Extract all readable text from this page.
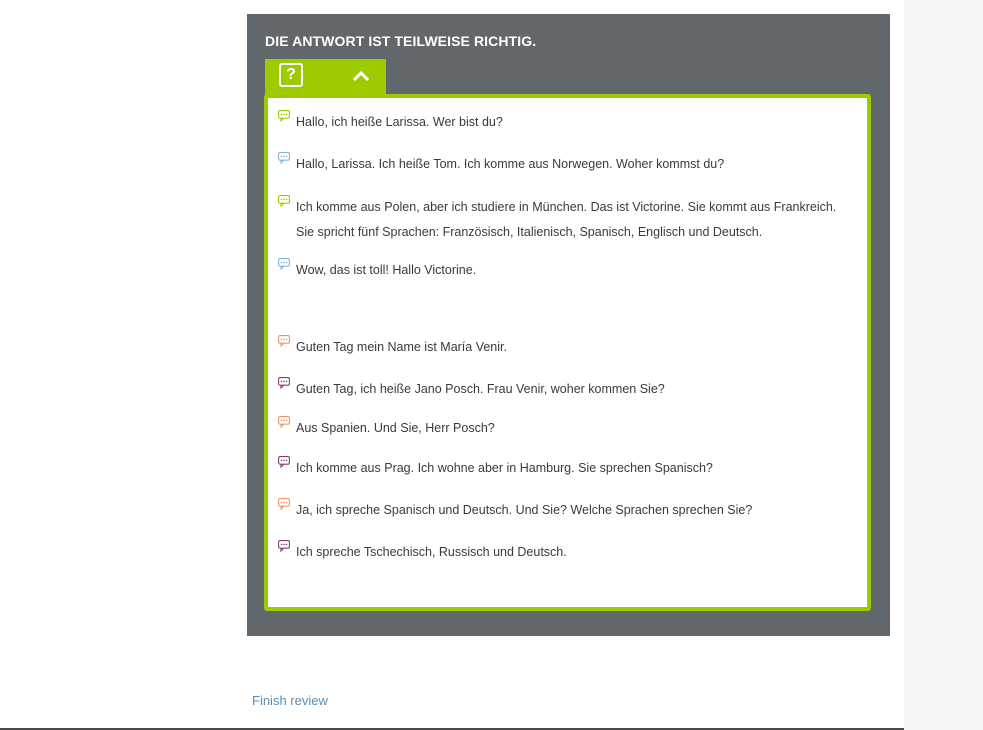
DIE ANTWORT IST TEILWEISE RICHTIG.
?
Hallo, ich heiße Larissa. Wer bist du?
Hallo, Larissa. Ich heiße Tom. Ich komme aus Norwegen. Woher kommst du?
Ich komme aus Polen, aber ich studiere in München. Das ist Victorine. Sie kommt aus Frankreich.
Sie spricht fünf Sprachen: Französisch, Italienisch, Spanisch, Englisch und Deutsch.
Wow, das ist toll! Hallo Victorine.
Guten Tag mein Name ist María Venir.
Guten Tag, ich heiße Jano Posch. Frau Venir, woher kommen Sie?
Aus Spanien. Und Sie, Herr Posch?
Ich komme aus Prag. Ich wohne aber in Hamburg. Sie sprechen Spanisch?
Ja, ich spreche Spanisch und Deutsch. Und Sie? Welche Sprachen sprechen Sie?
Ich spreche Tschechisch, Russisch und Deutsch.
Finish review
